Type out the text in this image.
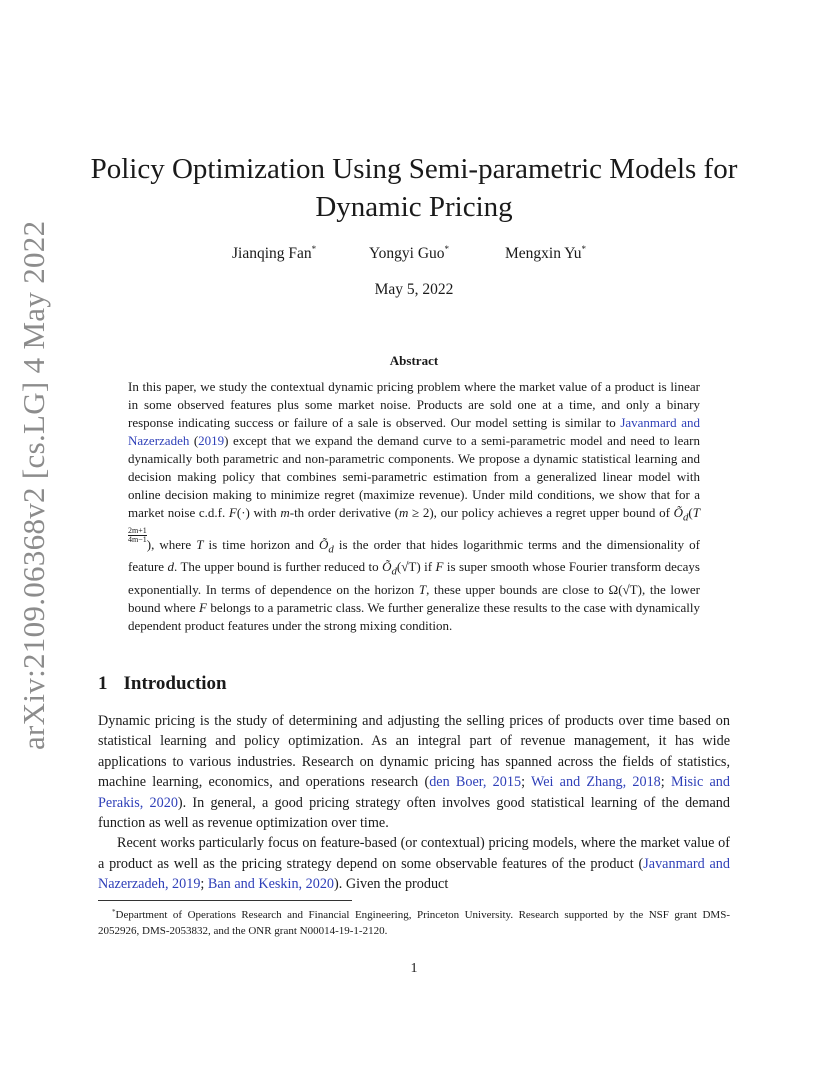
arXiv:2109.06368v2 [cs.LG] 4 May 2022
Policy Optimization Using Semi-parametric Models for Dynamic Pricing
Jianqing Fan*	Yongyi Guo*	Mengxin Yu*
May 5, 2022
Abstract

In this paper, we study the contextual dynamic pricing problem where the market value of a product is linear in some observed features plus some market noise. Products are sold one at a time, and only a binary response indicating success or failure of a sale is observed. Our model setting is similar to Javanmard and Nazerzadeh (2019) except that we expand the demand curve to a semi-parametric model and need to learn dynamically both parametric and non-parametric components. We propose a dynamic statistical learning and decision making policy that combines semi-parametric estimation from a generalized linear model with online decision making to minimize regret (maximize revenue). Under mild conditions, we show that for a market noise c.d.f. F(·) with m-th order derivative (m ≥ 2), our policy achieves a regret upper bound of $Õ_d(T$
$^{\frac{2m+1}{4m-1}}$
), where T is time horizon and $Õ_d$ is the order that hides logarithmic terms and the dimensionality of feature d. The upper bound is further reduced to $Õ_d(√T)$ if F is super smooth whose Fourier transform decays exponentially. In terms of dependence on the horizon T, these upper bounds are close to Ω(√T), the lower bound where F belongs to a parametric class. We further generalize these results to the case with dynamically dependent product features under the strong mixing condition.

1 Introduction

Dynamic pricing is the study of determining and adjusting the selling prices of products over time based on statistical learning and policy optimization. As an integral part of revenue management, it has wide applications to various industries. Research on dynamic pricing has spanned across the fields of statistics, machine learning, economics, and operations research (den Boer, 2015; Wei and Zhang, 2018; Misic and Perakis, 2020). In general, a good pricing strategy often involves good statistical learning of the demand function as well as revenue optimization over time.

Recent works particularly focus on feature-based (or contextual) pricing models, where the market value of a product as well as the pricing strategy depend on some observable features of the product (Javanmard and Nazerzadeh, 2019; Ban and Keskin, 2020). Given the product

*Department of Operations Research and Financial Engineering, Princeton University. Research supported by the NSF grant DMS-2052926, DMS-2053832, and the ONR grant N00014-19-1-2120.
1
